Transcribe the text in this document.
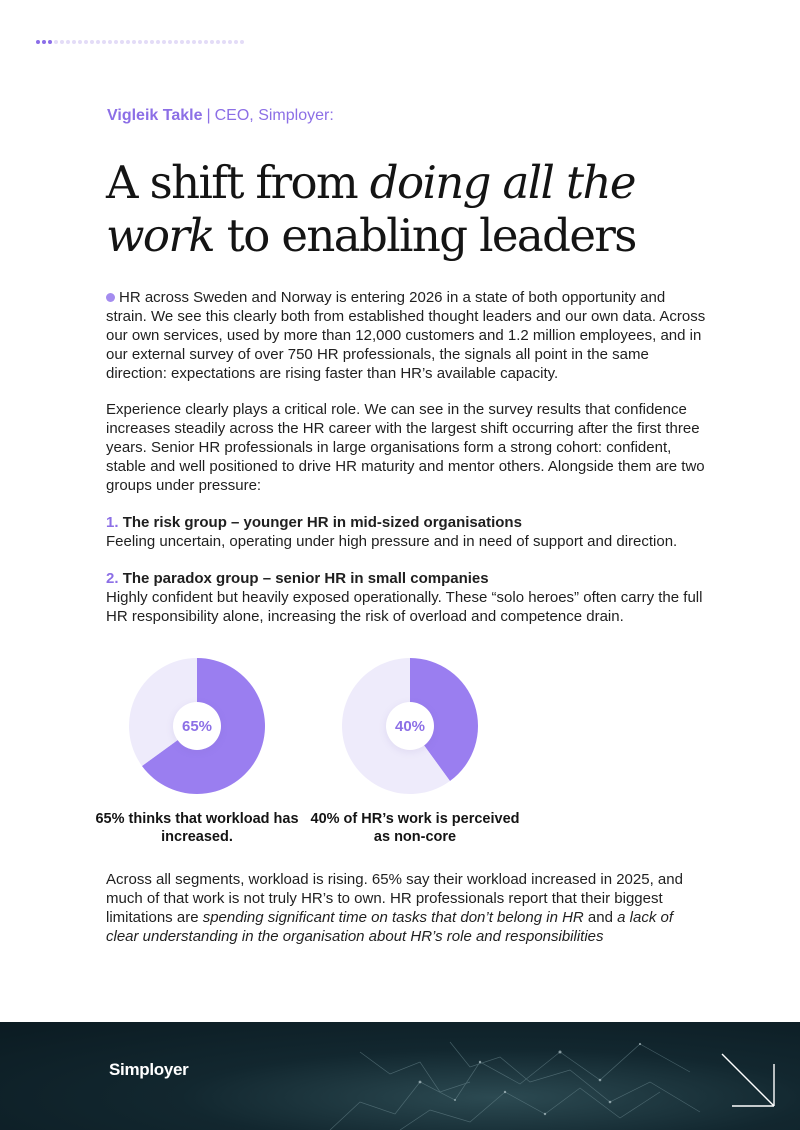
Vigleik Takle | CEO, Simployer:
A shift from doing all the
work to enabling leaders

HR across Sweden and Norway is entering 2026 in a state of both opportunity and strain. We see this clearly both from established thought leaders and our own data. Across our own services, used by more than 12,000 customers and 1.2 million employees, and in our external survey of over 750 HR professionals, the signals all point in the same direction: expectations are rising faster than HR’s available capacity.

Experience clearly plays a critical role. We can see in the survey results that confidence increases steadily across the HR career with the largest shift occurring after the first three years. Senior HR professionals in large organisations form a strong cohort: confident, stable and well positioned to drive HR maturity and mentor others. Alongside them are two groups under pressure:

1. The risk group – younger HR in mid-sized organisations
Feeling uncertain, operating under high pressure and in need of support and direction.
2. The paradox group – senior HR in small companies
Highly confident but heavily exposed operationally. These “solo heroes” often carry the full HR responsibility alone, increasing the risk of overload and competence drain.
65%
65% thinks that workload has increased.
40%
40% of HR’s work is perceived as non-core

Across all segments, workload is rising. 65% say their workload increased in 2025, and much of that work is not truly HR’s to own. HR professionals report that their biggest limitations are spending significant time on tasks that don’t belong in HR and a lack of clear understanding in the organisation about HR’s role and responsibilities

Simployer
